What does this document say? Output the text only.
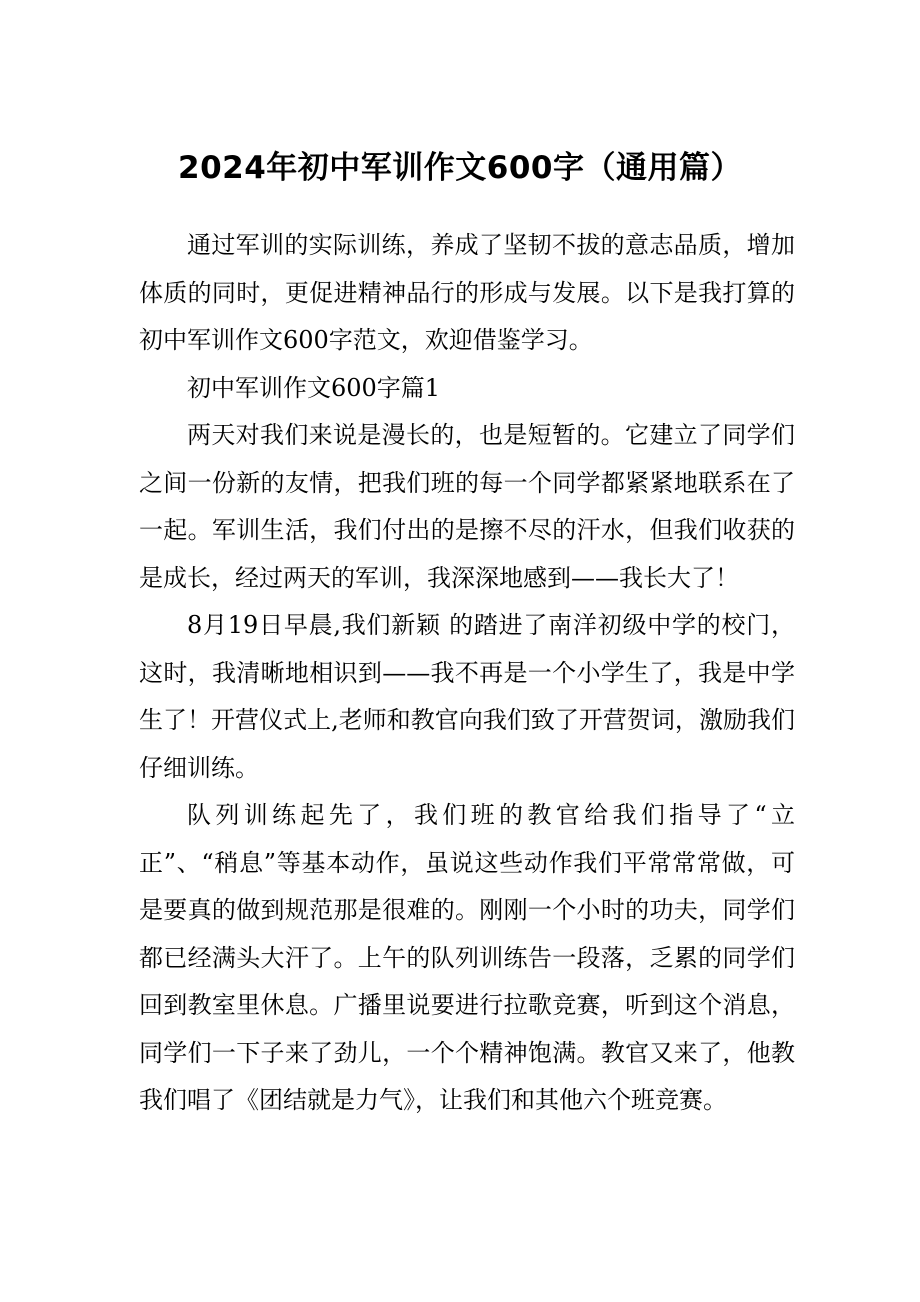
2024年初中军训作文600字（通用篇）

通过军训的实际训练，养成了坚韧不拔的意志品质，增加体质的同时，更促进精神品行的形成与发展。以下是我打算的初中军训作文600字范文，欢迎借鉴学习。

初中军训作文600字篇1

两天对我们来说是漫长的，也是短暂的。它建立了同学们之间一份新的友情，把我们班的每一个同学都紧紧地联系在了一起。军训生活，我们付出的是擦不尽的汗水，但我们收获的是成长，经过两天的军训，我深深地感到——我长大了！

8月19日早晨,我们新颖 的踏进了南洋初级中学的校门，这时，我清晰地相识到——我不再是一个小学生了，我是中学生了！开营仪式上,老师和教官向我们致了开营贺词，激励我们仔细训练。

队列训练起先了，我们班的教官给我们指导了“立正”、“稍息”等基本动作，虽说这些动作我们平常常常做，可是要真的做到规范那是很难的。刚刚一个小时的功夫，同学们都已经满头大汗了。上午的队列训练告一段落，乏累的同学们回到教室里休息。广播里说要进行拉歌竞赛，听到这个消息，同学们一下子来了劲儿，一个个精神饱满。教官又来了，他教我们唱了《团结就是力气》，让我们和其他六个班竞赛。
